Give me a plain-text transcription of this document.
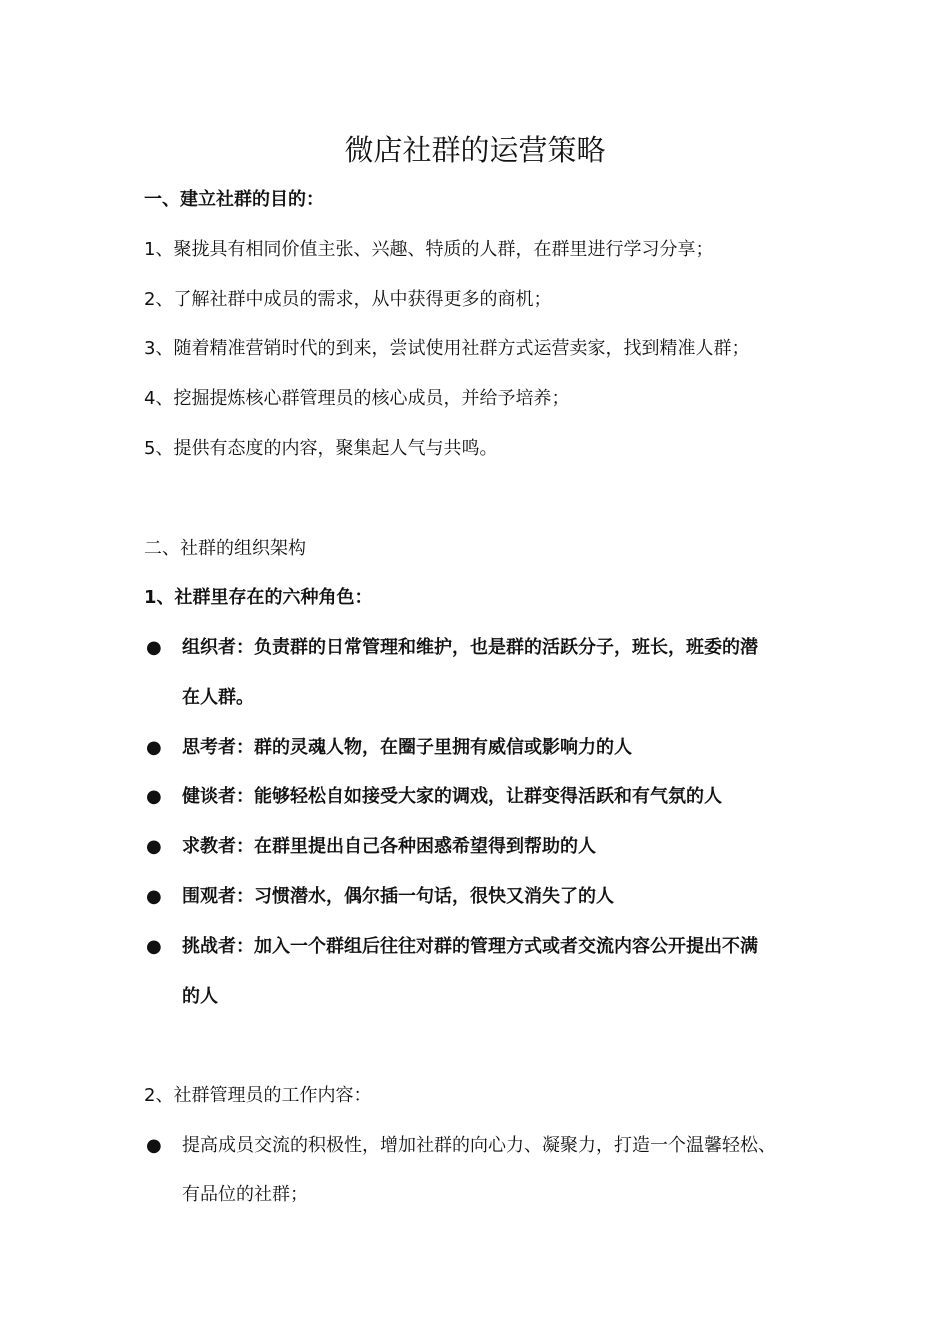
微店社群的运营策略

一、建立社群的目的：

1、聚拢具有相同价值主张、兴趣、特质的人群，在群里进行学习分享；

2、了解社群中成员的需求，从中获得更多的商机；

3、随着精准营销时代的到来，尝试使用社群方式运营卖家，找到精准人群；

4、挖掘提炼核心群管理员的核心成员，并给予培养；

5、提供有态度的内容，聚集起人气与共鸣。

二、社群的组织架构

1、社群里存在的六种角色：

● 组织者：负责群的日常管理和维护，也是群的活跃分子，班长，班委的潜

在人群。

● 思考者：群的灵魂人物，在圈子里拥有威信或影响力的人

● 健谈者：能够轻松自如接受大家的调戏，让群变得活跃和有气氛的人

● 求教者：在群里提出自己各种困惑希望得到帮助的人

● 围观者：习惯潜水，偶尔插一句话，很快又消失了的人

● 挑战者：加入一个群组后往往对群的管理方式或者交流内容公开提出不满

的人

2、社群管理员的工作内容：

● 提高成员交流的积极性，增加社群的向心力、凝聚力，打造一个温馨轻松、

有品位的社群；
